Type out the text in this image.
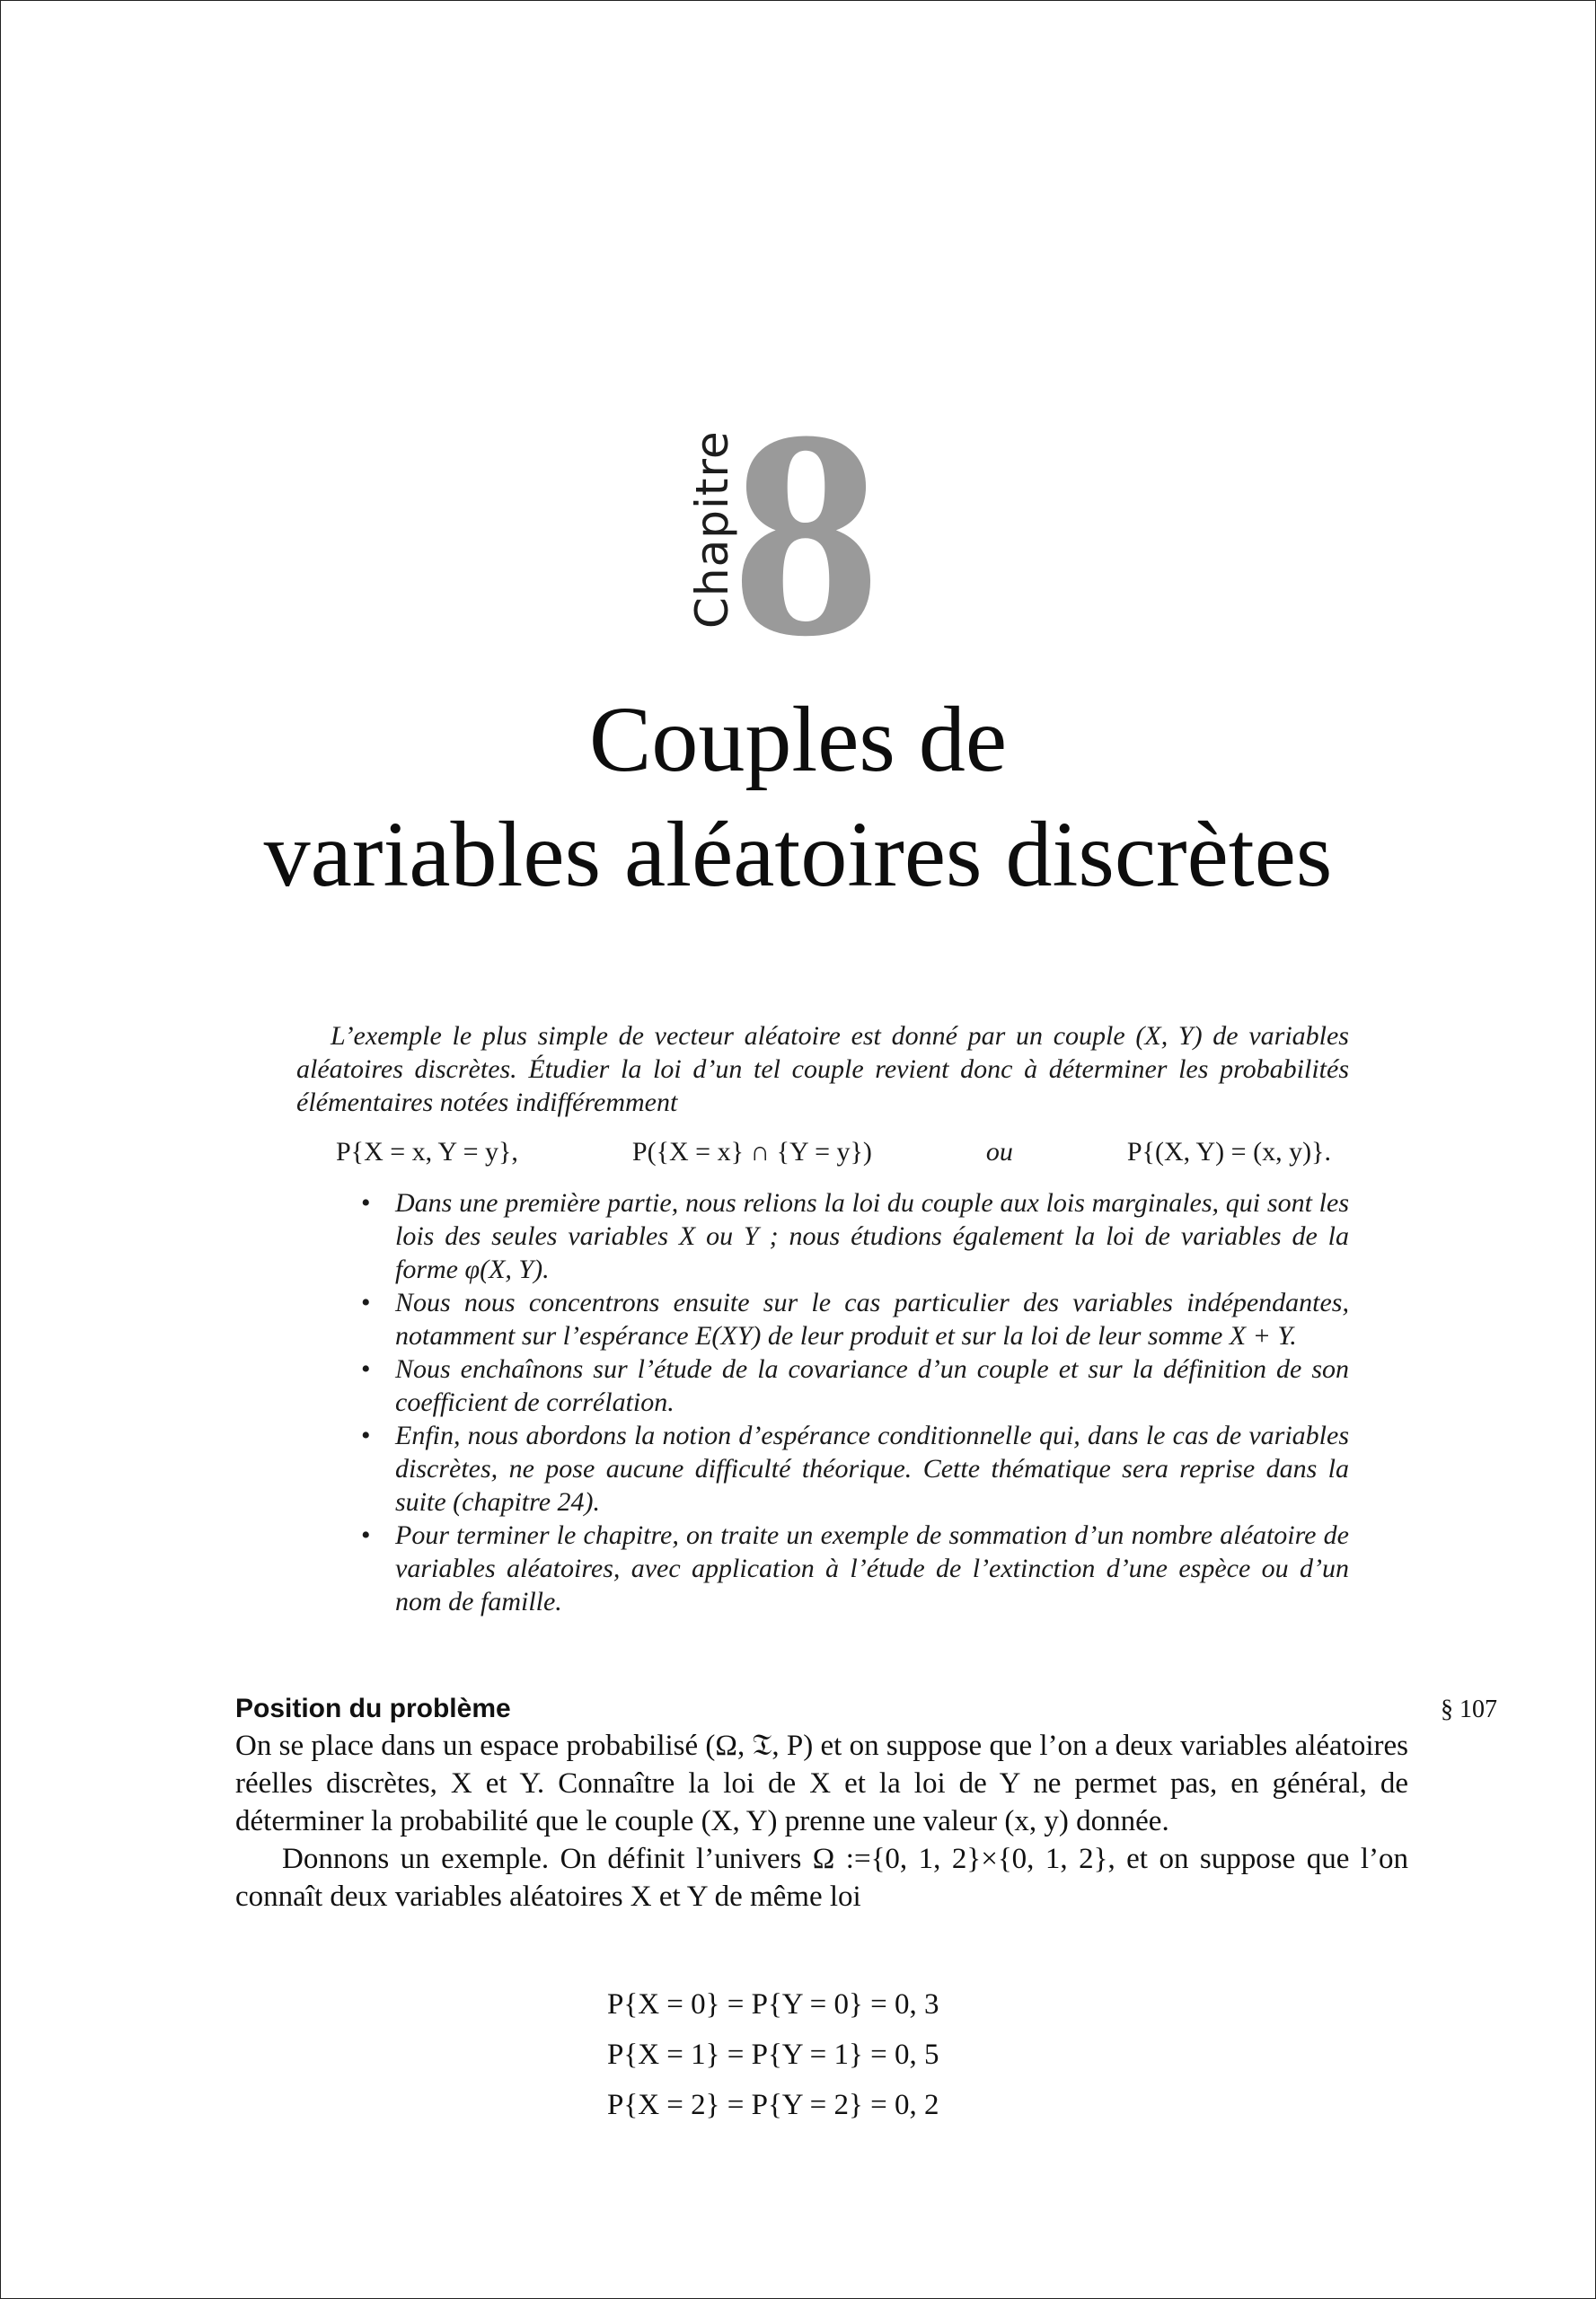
Chapitre
8
Couples de
variables aléatoires discrètes

L’exemple le plus simple de vecteur aléatoire est donné par un couple (X, Y) de variables aléatoires discrètes. Étudier la loi d’un tel couple revient donc à déterminer les probabilités élémentaires notées indifféremment

P{X = x, Y = y},	P({X = x} ∩ {Y = y})	ou	P{(X, Y) = (x, y)}.
• Dans une première partie, nous relions la loi du couple aux lois marginales, qui sont les lois des seules variables X ou Y ; nous étudions également la loi de variables de la forme φ(X, Y).
• Nous nous concentrons ensuite sur le cas particulier des variables indépendantes, notamment sur l’espérance E(XY) de leur produit et sur la loi de leur somme X + Y.
• Nous enchaînons sur l’étude de la covariance d’un couple et sur la définition de son coefficient de corrélation.
• Enfin, nous abordons la notion d’espérance conditionnelle qui, dans le cas de variables discrètes, ne pose aucune difficulté théorique. Cette thématique sera reprise dans la suite (chapitre 24).
• Pour terminer le chapitre, on traite un exemple de sommation d’un nombre aléatoire de variables aléatoires, avec application à l’étude de l’extinction d’une espèce ou d’un nom de famille.
§ 107
Position du problème

On se place dans un espace probabilisé (Ω, 𝔗, P) et on suppose que l’on a deux variables aléatoires réelles discrètes, X et Y. Connaître la loi de X et la loi de Y ne permet pas, en général, de déterminer la probabilité que le couple (X, Y) prenne une valeur (x, y) donnée.

Donnons un exemple. On définit l’univers Ω :={0, 1, 2}×{0, 1, 2}, et on suppose que l’on connaît deux variables aléatoires X et Y de même loi

P{X = 0} = P{Y = 0} = 0, 3
P{X = 1} = P{Y = 1} = 0, 5
P{X = 2} = P{Y = 2} = 0, 2
